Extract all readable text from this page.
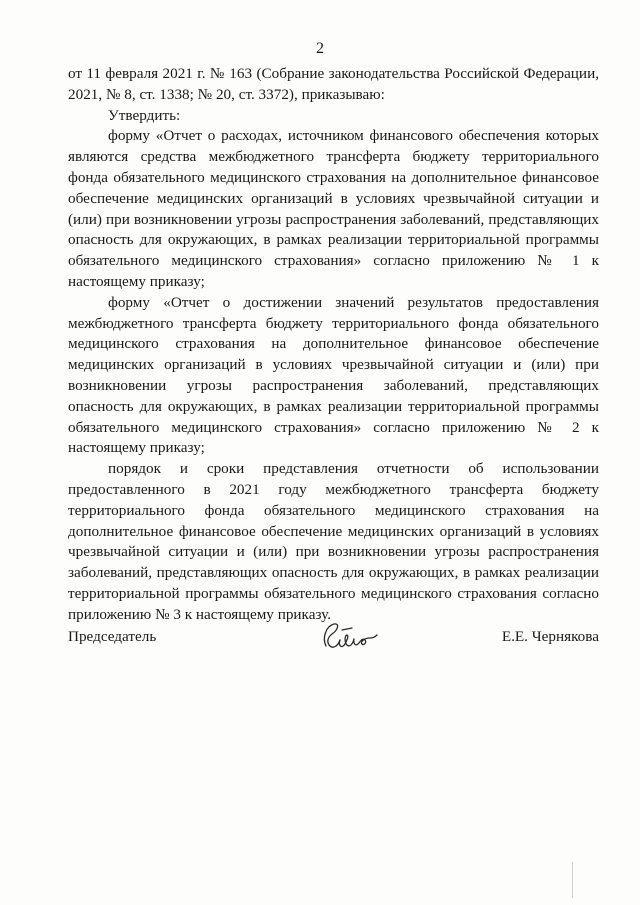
2

от 11 февраля 2021 г. № 163 (Собрание законодательства Российской Федерации, 2021, № 8, ст. 1338; № 20, ст. 3372), приказываю:

Утвердить:

форму «Отчет о расходах, источником финансового обеспечения которых являются средства межбюджетного трансферта бюджету территориального фонда обязательного медицинского страхования на дополнительное финансовое обеспечение медицинских организаций в условиях чрезвычайной ситуации и (или) при возникновении угрозы распространения заболеваний, представляющих опасность для окружающих, в рамках реализации территориальной программы обязательного медицинского страхования» согласно приложению № 1 к настоящему приказу;

форму «Отчет о достижении значений результатов предоставления межбюджетного трансферта бюджету территориального фонда обязательного медицинского страхования на дополнительное финансовое обеспечение медицинских организаций в условиях чрезвычайной ситуации и (или) при возникновении угрозы распространения заболеваний, представляющих опасность для окружающих, в рамках реализации территориальной программы обязательного медицинского страхования» согласно приложению № 2 к настоящему приказу;

порядок и сроки представления отчетности об использовании предоставленного в 2021 году межбюджетного трансферта бюджету территориального фонда обязательного медицинского страхования на дополнительное финансовое обеспечение медицинских организаций в условиях чрезвычайной ситуации и (или) при возникновении угрозы распространения заболеваний, представляющих опасность для окружающих, в рамках реализации территориальной программы обязательного медицинского страхования согласно приложению № 3 к настоящему приказу.

Председатель	Е.Е. Чернякова
